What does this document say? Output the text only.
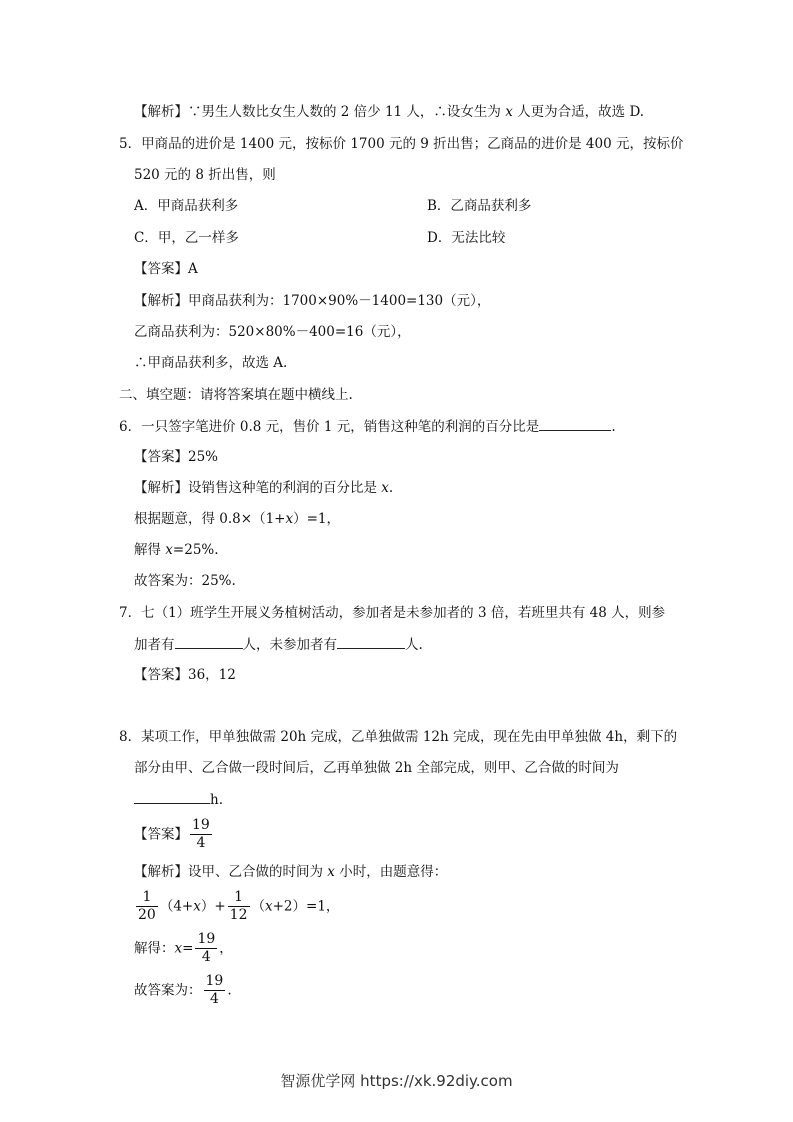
【解析】∵男生人数比女生人数的 2 倍少 11 人，∴设女生为 x 人更为合适，故选 D.
5．甲商品的进价是 1400 元，按标价 1700 元的 9 折出售；乙商品的进价是 400 元，按标价
520 元的 8 折出售，则
A．甲商品获利多	B．乙商品获利多
C．甲，乙一样多	D．无法比较
【答案】A
【解析】甲商品获利为：1700×90%－1400=130（元），
乙商品获利为：520×80%－400=16（元），
∴甲商品获利多，故选 A.
二、填空题：请将答案填在题中横线上.
6．一只签字笔进价 0.8 元，售价 1 元，销售这种笔的利润的百分比是	.
【答案】25%
【解析】设销售这种笔的利润的百分比是 x.
根据题意，得 0.8×（1+x）=1，
解得 x=25%.
故答案为：25%.
7．七（1）班学生开展义务植树活动，参加者是未参加者的 3 倍，若班里共有 48 人，则参
加者有	人，未参加者有	人.
【答案】36，12
8．某项工作，甲单独做需 20h 完成，乙单独做需 12h 完成，现在先由甲单独做 4h，剩下的
部分由甲、乙合做一段时间后，乙再单独做 2h 全部完成，则甲、乙合做的时间为
h.
【答案】 $\frac{19}{4}$
【解析】设甲、乙合做的时间为 x 小时，由题意得：
$\frac{1}{20} (4+x)+ \frac{1}{12} (x+2)=1$，
解得：$x= \frac{19}{4}$ ，
故答案为： $\frac{19}{4}$ .
智源优学网 https://xk.92diy.com
